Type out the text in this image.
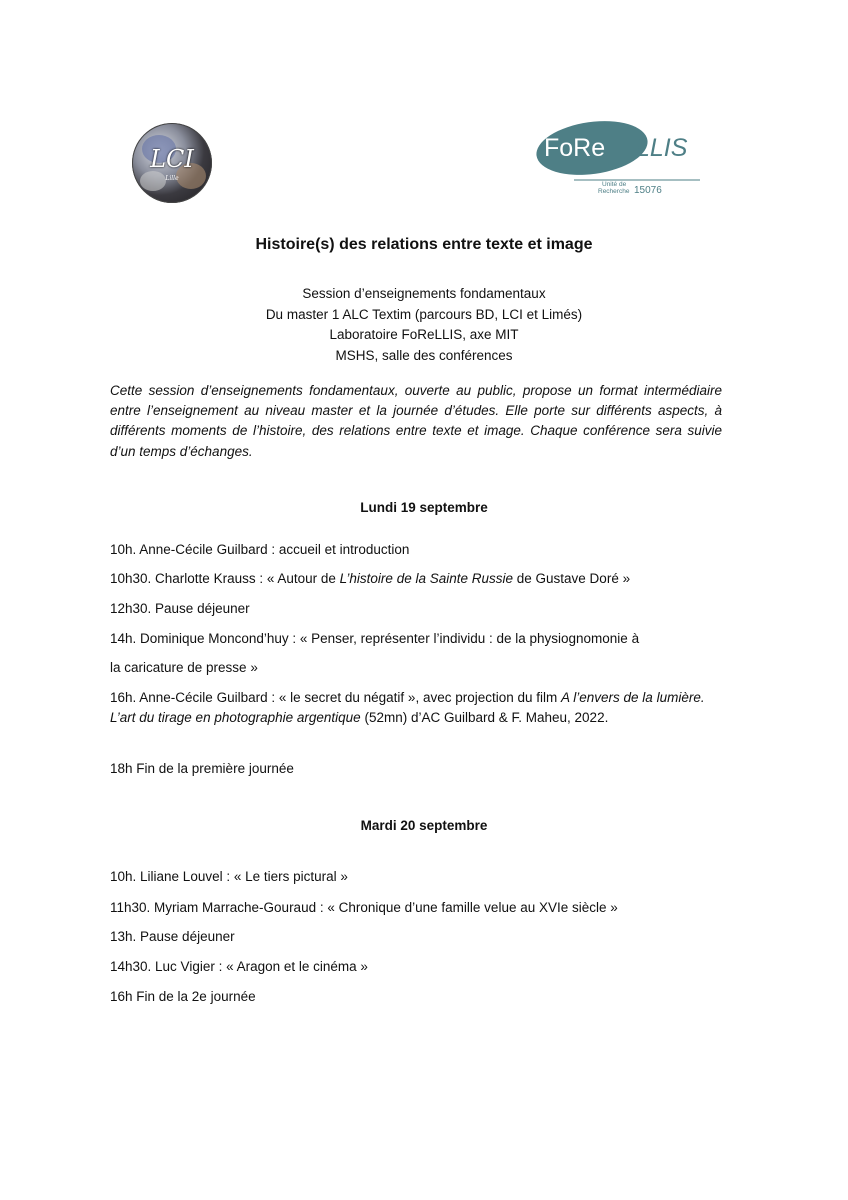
LCI
Lille
FoRe LLIS
Unité de
Recherche 15076
Histoire(s) des relations entre texte et image
Session d’enseignements fondamentaux
Du master 1 ALC Textim (parcours BD, LCI et Limés)
Laboratoire FoReLLIS, axe MIT
MSHS, salle des conférences
Cette session d’enseignements fondamentaux, ouverte au public, propose un format intermédiaire entre l’enseignement au niveau master et la journée d’études. Elle porte sur différents aspects, à différents moments de l’histoire, des relations entre texte et image. Chaque conférence sera suivie d’un temps d’échanges.
Lundi 19 septembre
10h. Anne-Cécile Guilbard : accueil et introduction
10h30. Charlotte Krauss : « Autour de L’histoire de la Sainte Russie de Gustave Doré »
12h30. Pause déjeuner
14h. Dominique Moncond’huy : « Penser, représenter l’individu : de la physiognomonie à
la caricature de presse »
16h. Anne-Cécile Guilbard : « le secret du négatif », avec projection du film A l’envers de la lumière. L’art du tirage en photographie argentique (52mn) d’AC Guilbard & F. Maheu, 2022.
18h Fin de la première journée
Mardi 20 septembre
10h. Liliane Louvel : « Le tiers pictural »
11h30. Myriam Marrache-Gouraud : « Chronique d’une famille velue au XVIe siècle »
13h. Pause déjeuner
14h30. Luc Vigier : « Aragon et le cinéma »
16h Fin de la 2e journée
